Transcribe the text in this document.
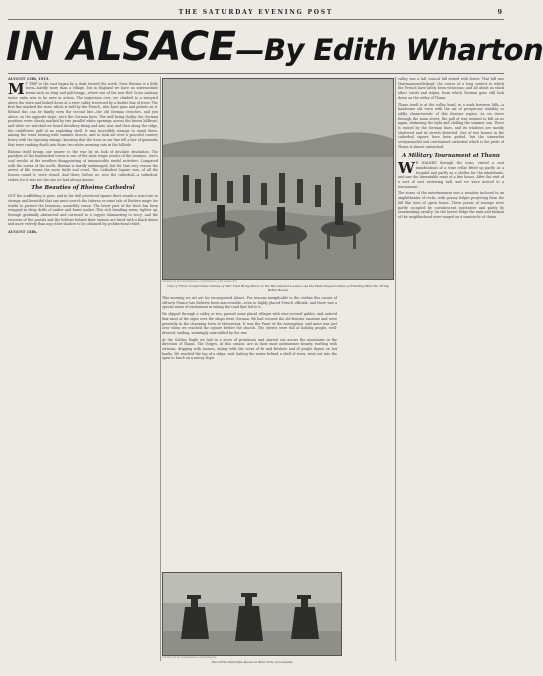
THE SATURDAY EVENING POST	9
IN ALSACE—By Edith Wharton
AUGUST 13th, 1915.
M Y TRIP to the east began by a dash toward the north. Near Rheims is a little town—hardly more than a village, but in England we have no intermediate terms such as burg and pali-brugg—where one of the new Red Cross sanitary motor units was to be seen in action. The inspection over, we climbed to a vineyard above the town and looked down at a river valley traversed by a double line of trees. The first line marked the river, which is held by the French, who have guns and pickets on it. Behind this can be faintly seen the second line—the old German trenches, and just above, on the opposite slope, were the German lines. The wall being chalky, the German positions were clearly marked by two parallel white openings across the brown hillfront; and while we watched we heard desultory firing and saw, now and then along the ridge, the cauliflower puff of an exploding shell. It was incredibly strange to stand there, among the vines hissing with summer insects, and to look out over a peaceful country heavy with the ripening vintage, knowing that the trees in our line fell a line of gunnsnks that were ranking death into those two white seeming cuts in the hillside.
Rheims itself brings one nearer to the war by its look of desolate desolation. The paralysis of the bombarded towns is one of the most tragic results of the invasion. One's soul revolts at the needless disappointing of innumerable useful activities. Compared with the towns of the north, Rheims is hardly undamaged; but for that very reason the arrest of life seems the more futile and cruel. The Cathedral Square was, of all the houses round it, were closed. And there, before us, rose the cathedral—a cathedral, rather, for it was not the one we had always known.
The Beauties of Rheims Cathedral
NOT the scaffolding is gone, and in the dull provincial square there stands a structure so strange and beautiful that one must search the Inferno or some tale of Eastern magic for words to picture the luminous, unearthly vision. The lower part of the front has been wrapped in deep drifts of amber and burnt umber. This rich breaking seem, tighter up, through gradually abstracted and caressed to a copper shimmering to ivory; and the recesses of the portals and the hollows behind their statues are lined with a black dense and more velvety than any other shadow to be obtained by architectural relief.
AUGUST 14th.
COPYRIGHT BY UNDERWOOD & UNDERWOOD, NEW YORK CITY
One of Three Consecrated Armies of War That Bring Peace to the Recollected Leader—As the Plain Inspectorship of Entering Men the Tiring Battle Bound
This morning we set out for reconquered Alsace. For reasons inexplicable to the civilian this corner of old-new France has hitherto been inaccessible—even to highly placed French officials; and there was a special sense of excitement in taking the road that led to it.
We slipped through a valley or two, passed some placid villages with vine-covered gables, and noticed that most of the signs over the shops were German. We had crossed the old frontier unaware and were presently in the charming town of Massevaux. It was the Feast of the Assumption, and mass was just over when we reached the square before the church. The streets were full of holiday people, well-dressed, smiling, seemingly untroubled by the war.
At the Golden Eagle we laid in a store of provisions and started out across the mountains in the direction of Thann. The Vosges, at this season, are in their most midsummer beauty, rustling with streams, dripping with mosses, balmy with the scent of fir and freshets and of purple thyme on hot banks. We reached the top of a ridge, and, hailing the motor behind a shelf of trees, went out into the open to lunch on a mossy slope.
COPYRIGHT BY UNDERWOOD & UNDERWOOD
The Little Sharmful Alsace in Blue Tone of Costume
valley was a tall, conical hill dotted with forest. That hill was Hartmannsweilerkopf, the center of a long contest in which the French have lately been victorious; and all about us stood other crests and ridges, from which German guns still look down on the valley of Thann.
Thann itself is at the valley head, in a nook between hills—a handsome old town with the air of prosperous stability so oddly characteristic of this frontier region. As we drove through the main street, the pall of war seemed to fall on us again, darkening the light and chilling the summer sun. There is ruined by the German lines, and its windows are mostly shuttered and its streets deserted. One of two houses in the cathedral square have been gutted, but the somewhat overpinnacled and overstatued cathedral which is the pride of Thann is almost untouched.
A Military Tournament at Thann
W E WALKED through the town, visited a vast ramifications of a wine cellar fitted up partly as a hospital and partly as a shelter for the inhabitants, and saw the lamentable ruins of a fine house. After the visit of a sort of vast reviewing hall, and we were invited to a tournament.
The scene of the entertainment was a meadow inclosed in an amphitheater of rocks, with grassy ledges projecting from the hill like tiers of opera boxes. These points of vantage were partly occupied by convalescent spectators and partly by ornamenting cavalry. On the lowest ledge the rank and fashion of the neighborhood were ranged on a semicircle of chairs.
